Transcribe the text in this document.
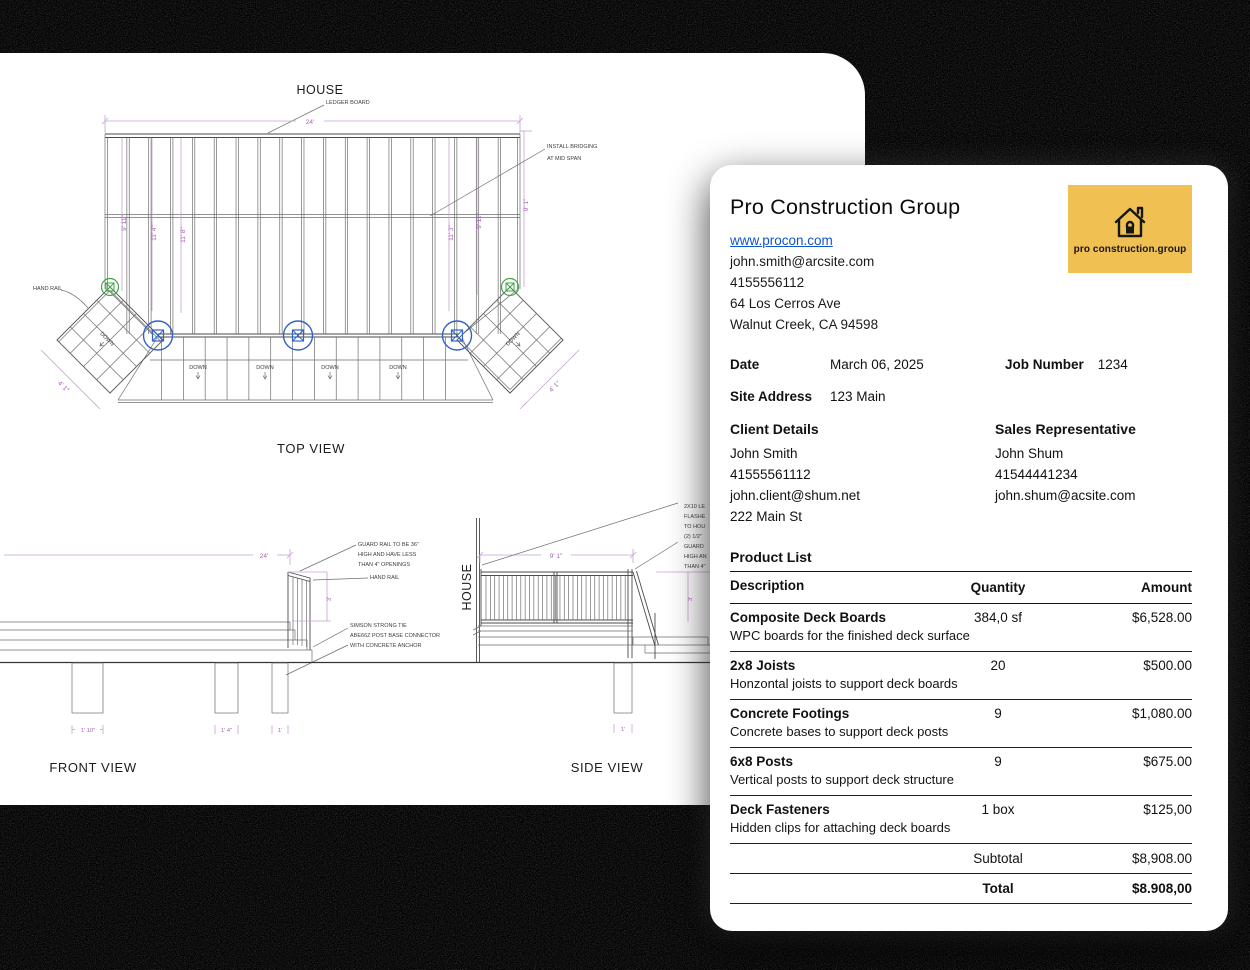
HOUSE
LEDGER BOARD
24'
DOWN	DOWN	DOWN	DOWN
DOWN	DOWN
4' 1"	4' 1"
9' 11"
11' 4"	11' 8"	11' 3"
9' 11"
9' 1"
HAND RAIL
INSTALL BRIDGING
AT MID SPAN
TOP VIEW
24'
3'
GUARD RAIL TO BE 36"
HIGH AND HAVE LESS
THAN 4" OPENINGS
HAND RAIL
SIMSON STRONG TIE
ABE66Z POST BASE CONNECTOR
WITH CONCRETE ANCHOR
HOUSE
1' 10"	1' 4"	1'
FRONT VIEW
9' 1"
3'
2X10 LE
FLASHE
TO HOU
(2) 1/2"
GUARD
HIGH AN
THAN 4"
1'
SIDE VIEW
Pro Construction Group
www.procon.com
john.smith@arcsite.com
4155556112
64 Los Cerros Ave
Walnut Creek, CA 94598
pro construction.group
Date	March 06, 2025	Job Number 1234
Site Address	123 Main
Client Details
John Smith
41555561112
john.client@shum.net
222 Main St
Sales Representative
John Shum
41544441234
john.shum@acsite.com
Product List
Description	Quantity	Amount
Composite Deck Boards	384,0 sf	$6,528.00
WPC boards for the finished deck surface
2x8 Joists	20	$500.00
Honzontal joists to support deck boards
Concrete Footings	9	$1,080.00
Concrete bases to support deck posts
6x8 Posts	9	$675.00
Vertical posts to support deck structure
Deck Fasteners	1 box	$125,00
Hidden clips for attaching deck boards
Subtotal	$8,908.00
Total	$8.908,00
